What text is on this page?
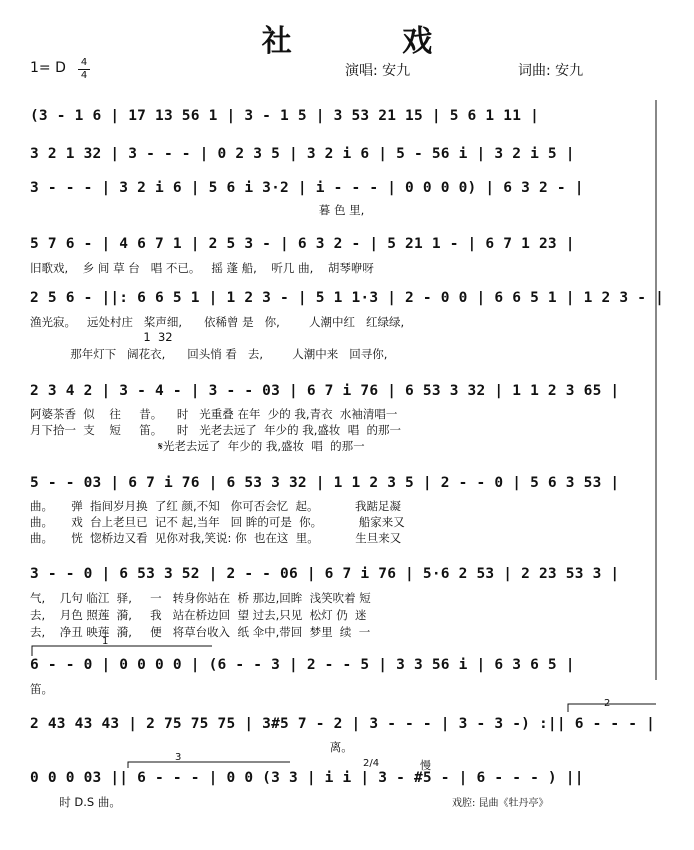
社 戏
1= D 4
4	演唱: 安九	词曲: 安九
(3 - 1 6 | 17 13 56 1 | 3 - 1 5 | 3 53 21 15 | 5 6 1 11 |
3 2 1 32 | 3 - - - | 0 2 3 5 | 3 2 i 6 | 5 - 56 i | 3 2 i 5 |
3 - - - | 3 2 i 6 | 5 6 i 3·2 | i - - - | 0 0 0 0) | 6 3 2 - |
暮 色 里,
5 7 6 - | 4 6 7 1 | 2 5 3 - | 6 3 2 - | 5 21 1 - | 6 7 1 23 |
旧歌戏,    乡 间 草 台   唱 不已。   摇 蓬 船,    听几 曲,    胡琴咿呀
2 5 6 - ||: 6 6 5 1 | 1 2 3 - | 5 1 1·3 | 2 - 0 0 | 6 6 5 1 | 1 2 3 - |
渔光寂。   远处村庄   桨声细,      依稀曾 是   你,        人潮中红   红绿绿,
1  32
那年灯下   阔花衣,      回头悄 看   去,        人潮中来   回寻你,
2 3 4 2 | 3 - 4 - | 3 - - 03 | 6 7 i 76 | 6 53 3 32 | 1 1 2 3 65 |
阿婆茶香  似    往     昔。    时   光重叠 在年  少的 我,青衣  水袖清唱一
月下拾一  支    短     笛。    时   光老去远了  年少的 我,盛妆  唱  的那一
𝄋光老去远了  年少的 我,盛妆  唱  的那一
5 - - 03 | 6 7 i 76 | 6 53 3 32 | 1 1 2 3 5 | 2 - - 0 | 5 6 3 53 |
曲。     弹  指间岁月换  了红 颜,不知   你可否会忆  起。          我踮足凝
曲。     戏  台上老旦已  记不 起,当年   回 眸的可是  你。          船家来又
曲。     恍  惚桥边又看  见你对我,笑说: 你  也在这  里。          生旦来又
3 - - 0 | 6 53 3 52 | 2 - - 06 | 6 7 i 76 | 5·6 2 53 | 2 23 53 3 |
气,    几句 临江  驿,     一   转身你站在  桥 那边,回眸  浅笑吹着 短
去,    月色 照莲  漪,     我   站在桥边回  望 过去,只见  松灯 仍  迷
去,    净丑 映莲  漪,     便   将草台收入  纸 伞中,带回  梦里  续  一
6 - - 0 | 0 0 0 0 | (6 - - 3 | 2 - - 5 | 3 3 56 i | 6 3 6 5 |
笛。
2 43 43 43 | 2 75 75 75 | 3#5 7 - 2 | 3 - - - | 3 - 3 -) :|| 6 - - - |
离。
0 0 0 03 || 6 - - - | 0 0 (3 3 | i i | 3 - #5 - | 6 - - - ) ||
时 D.S 曲。
1
2
3
2/4	慢
戏腔: 昆曲《牡丹亭》
